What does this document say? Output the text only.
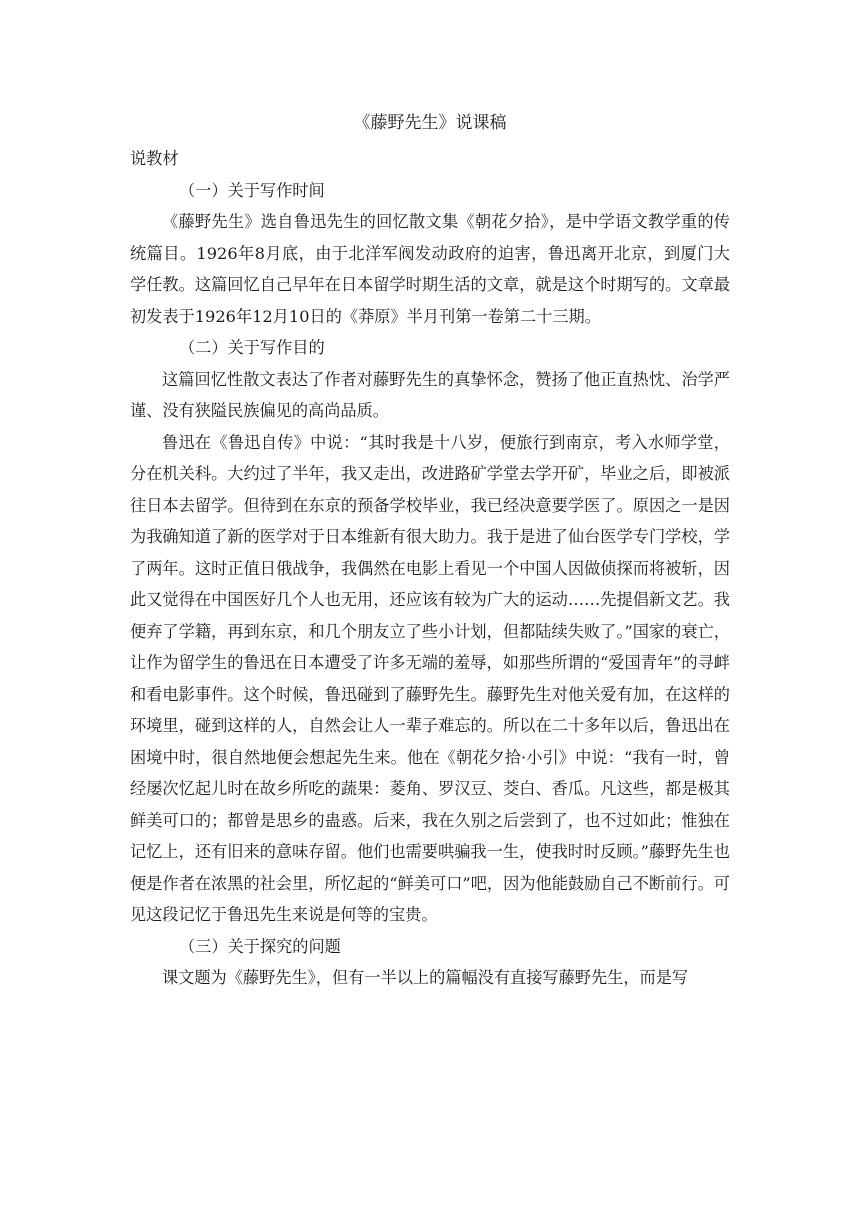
《藤野先生》说课稿

说教材

（一）关于写作时间

《藤野先生》选自鲁迅先生的回忆散文集《朝花夕拾》，是中学语文教学重的传统篇目。1926年8月底，由于北洋军阀发动政府的迫害，鲁迅离开北京，到厦门大学任教。这篇回忆自己早年在日本留学时期生活的文章，就是这个时期写的。文章最初发表于1926年12月10日的《莽原》半月刊第一卷第二十三期。

（二）关于写作目的

这篇回忆性散文表达了作者对藤野先生的真挚怀念，赞扬了他正直热忱、治学严谨、没有狭隘民族偏见的高尚品质。

鲁迅在《鲁迅自传》中说：“其时我是十八岁，便旅行到南京，考入水师学堂，分在机关科。大约过了半年，我又走出，改进路矿学堂去学开矿，毕业之后，即被派往日本去留学。但待到在东京的预备学校毕业，我已经决意要学医了。原因之一是因为我确知道了新的医学对于日本维新有很大助力。我于是进了仙台医学专门学校，学了两年。这时正值日俄战争，我偶然在电影上看见一个中国人因做侦探而将被斩，因此又觉得在中国医好几个人也无用，还应该有较为广大的运动……先提倡新文艺。我便弃了学籍，再到东京，和几个朋友立了些小计划，但都陆续失败了。”国家的衰亡，让作为留学生的鲁迅在日本遭受了许多无端的羞辱，如那些所谓的“爱国青年”的寻衅和看电影事件。这个时候，鲁迅碰到了藤野先生。藤野先生对他关爱有加，在这样的环境里，碰到这样的人，自然会让人一辈子难忘的。所以在二十多年以后，鲁迅出在困境中时，很自然地便会想起先生来。他在《朝花夕拾·小引》中说：“我有一时，曾经屡次忆起儿时在故乡所吃的蔬果：菱角、罗汉豆、茭白、香瓜。凡这些，都是极其鲜美可口的；都曾是思乡的蛊惑。后来，我在久别之后尝到了，也不过如此；惟独在记忆上，还有旧来的意味存留。他们也需要哄骗我一生，使我时时反顾。”藤野先生也便是作者在浓黑的社会里，所忆起的“鲜美可口”吧，因为他能鼓励自己不断前行。可见这段记忆于鲁迅先生来说是何等的宝贵。

（三）关于探究的问题

课文题为《藤野先生》，但有一半以上的篇幅没有直接写藤野先生，而是写
